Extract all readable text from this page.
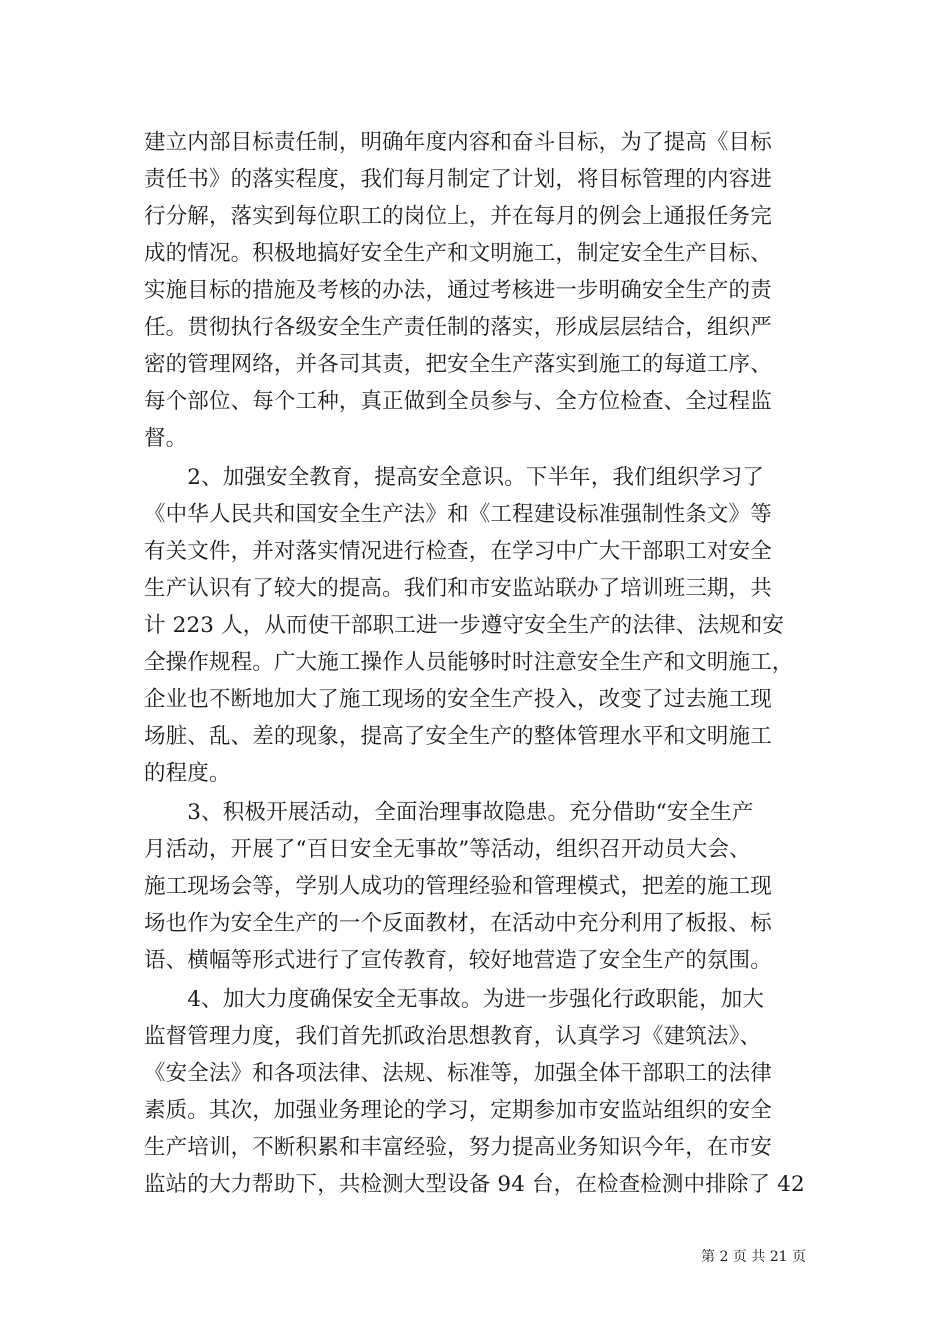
建立内部目标责任制，明确年度内容和奋斗目标，为了提高《目标
责任书》的落实程度，我们每月制定了计划，将目标管理的内容进
行分解，落实到每位职工的岗位上，并在每月的例会上通报任务完
成的情况。积极地搞好安全生产和文明施工，制定安全生产目标、
实施目标的措施及考核的办法，通过考核进一步明确安全生产的责
任。贯彻执行各级安全生产责任制的落实，形成层层结合，组织严
密的管理网络，并各司其责，把安全生产落实到施工的每道工序、
每个部位、每个工种，真正做到全员参与、全方位检查、全过程监
督。
　　2、加强安全教育，提高安全意识。下半年，我们组织学习了
《中华人民共和国安全生产法》和《工程建设标准强制性条文》等
有关文件，并对落实情况进行检查，在学习中广大干部职工对安全
生产认识有了较大的提高。我们和市安监站联办了培训班三期，共
计 223 人，从而使干部职工进一步遵守安全生产的法律、法规和安
全操作规程。广大施工操作人员能够时时注意安全生产和文明施工，
企业也不断地加大了施工现场的安全生产投入，改变了过去施工现
场脏、乱、差的现象，提高了安全生产的整体管理水平和文明施工
的程度。
　　3、积极开展活动，全面治理事故隐患。充分借助“安全生产
月活动，开展了“百日安全无事故”等活动，组织召开动员大会、
施工现场会等，学别人成功的管理经验和管理模式，把差的施工现
场也作为安全生产的一个反面教材，在活动中充分利用了板报、标
语、横幅等形式进行了宣传教育，较好地营造了安全生产的氛围。
　　4、加大力度确保安全无事故。为进一步强化行政职能，加大
监督管理力度，我们首先抓政治思想教育，认真学习《建筑法》、
《安全法》和各项法律、法规、标准等，加强全体干部职工的法律
素质。其次，加强业务理论的学习，定期参加市安监站组织的安全
生产培训，不断积累和丰富经验，努力提高业务知识今年，在市安
监站的大力帮助下，共检测大型设备 94 台，在检查检测中排除了 42
第 2 页 共 21 页
